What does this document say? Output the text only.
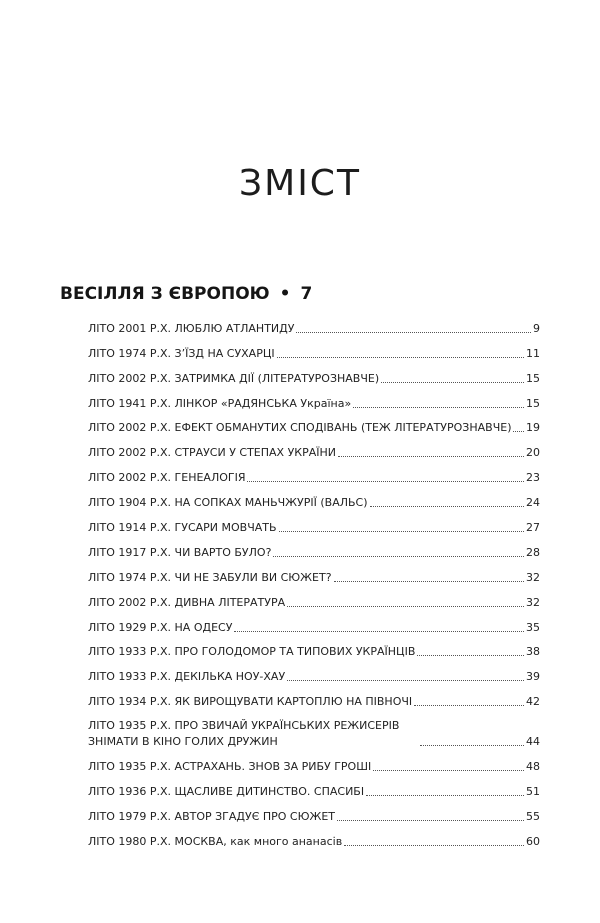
ЗМІСТ
ВЕСІЛЛЯ З ЄВРОПОЮ • 7
ЛІТО 2001 Р.Х. ЛЮБЛЮ АТЛАНТИДУ	9
ЛІТО 1974 Р.Х. З’ЇЗД НА СУХАРЦІ	11
ЛІТО 2002 Р.Х. ЗАТРИМКА ДІЇ (ЛІТЕРАТУРОЗНАВЧЕ)	15
ЛІТО 1941 Р.Х. ЛІНКОР «РАДЯНСЬКА Україна»	15
ЛІТО 2002 Р.Х. ЕФЕКТ ОБМАНУТИХ СПОДІВАНЬ (ТЕЖ ЛІТЕРАТУРОЗНАВЧЕ) 19
ЛІТО 2002 Р.Х. СТРАУСИ У СТЕПАХ УКРАЇНИ	20
ЛІТО 2002 Р.Х. ГЕНЕАЛОГІЯ	23
ЛІТО 1904 Р.Х. НА СОПКАХ МАНЬЧЖУРІЇ (ВАЛЬС)	24
ЛІТО 1914 Р.Х. ГУСАРИ МОВЧАТЬ	27
ЛІТО 1917 Р.Х. ЧИ ВАРТО БУЛО?	28
ЛІТО 1974 Р.Х. ЧИ НЕ ЗАБУЛИ ВИ СЮЖЕТ?	32
ЛІТО 2002 Р.Х. ДИВНА ЛІТЕРАТУРА	32
ЛІТО 1929 Р.Х. НА ОДЕСУ	35
ЛІТО 1933 Р.Х. ПРО ГОЛОДОМОР ТА ТИПОВИХ УКРАЇНЦІВ	38
ЛІТО 1933 Р.Х. ДЕКІЛЬКА НОУ-ХАУ	39
ЛІТО 1934 Р.Х. ЯК ВИРОЩУВАТИ КАРТОПЛЮ НА ПІВНОЧІ	42
ЛІТО 1935 Р.Х. ПРО ЗВИЧАЙ УКРАЇНСЬКИХ РЕЖИСЕРІВ ЗНІМАТИ В КІНО ГОЛИХ ДРУЖИН	44
ЛІТО 1935 Р.Х. АСТРАХАНЬ. ЗНОВ ЗА РИБУ ГРОШІ	48
ЛІТО 1936 Р.Х. ЩАСЛИВЕ ДИТИНСТВО. СПАСИБІ	51
ЛІТО 1979 Р.Х. АВТОР ЗГАДУЄ ПРО СЮЖЕТ	55
ЛІТО 1980 Р.Х. МОСКВА, как много ананасів	60
